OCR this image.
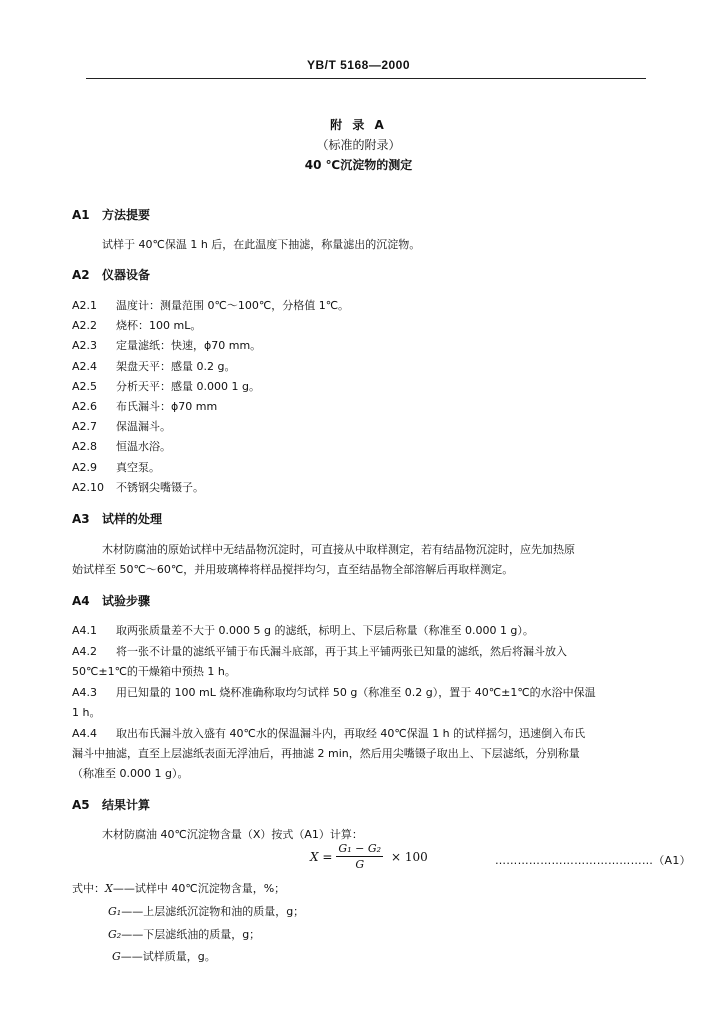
YB/T 5168—2000
附 录 A
（标准的附录）
40 ℃沉淀物的测定
A1 方法提要
试样于 40℃保温 1 h 后，在此温度下抽滤，称量滤出的沉淀物。
A2 仪器设备
A2.1 温度计：测量范围 0℃～100℃，分格值 1℃。
A2.2 烧杯：100 mL。
A2.3 定量滤纸：快速，ϕ70 mm。
A2.4 架盘天平：感量 0.2 g。
A2.5 分析天平：感量 0.000 1 g。
A2.6 布氏漏斗：ϕ70 mm
A2.7 保温漏斗。
A2.8 恒温水浴。
A2.9 真空泵。
A2.10 不锈钢尖嘴镊子。
A3 试样的处理
木材防腐油的原始试样中无结晶物沉淀时，可直接从中取样测定，若有结晶物沉淀时，应先加热原
始试样至 50℃～60℃，并用玻璃棒将样品搅拌均匀，直至结晶物全部溶解后再取样测定。
A4 试验步骤
A4.1 取两张质量差不大于 0.000 5 g 的滤纸，标明上、下层后称量（称准至 0.000 1 g）。
A4.2 将一张不计量的滤纸平铺于布氏漏斗底部，再于其上平铺两张已知量的滤纸，然后将漏斗放入
50℃±1℃的干燥箱中预热 1 h。
A4.3 用已知量的 100 mL 烧杯准确称取均匀试样 50 g（称准至 0.2 g），置于 40℃±1℃的水浴中保温
1 h。
A4.4 取出布氏漏斗放入盛有 40℃水的保温漏斗内，再取经 40℃保温 1 h 的试样摇匀，迅速倒入布氏
漏斗中抽滤，直至上层滤纸表面无浮油后，再抽滤 2 min，然后用尖嘴镊子取出上、下层滤纸，分别称量
（称准至 0.000 1 g）。
A5 结果计算
木材防腐油 40℃沉淀物含量（X）按式（A1）计算：
$X = \frac{\text{G₁ − G₂}}{G} \times 100$	……………………………………（A1）
式中：X——试样中 40℃沉淀物含量，%；
G₁——上层滤纸沉淀物和油的质量，g；
G₂——下层滤纸油的质量，g；
G——试样质量，g。
